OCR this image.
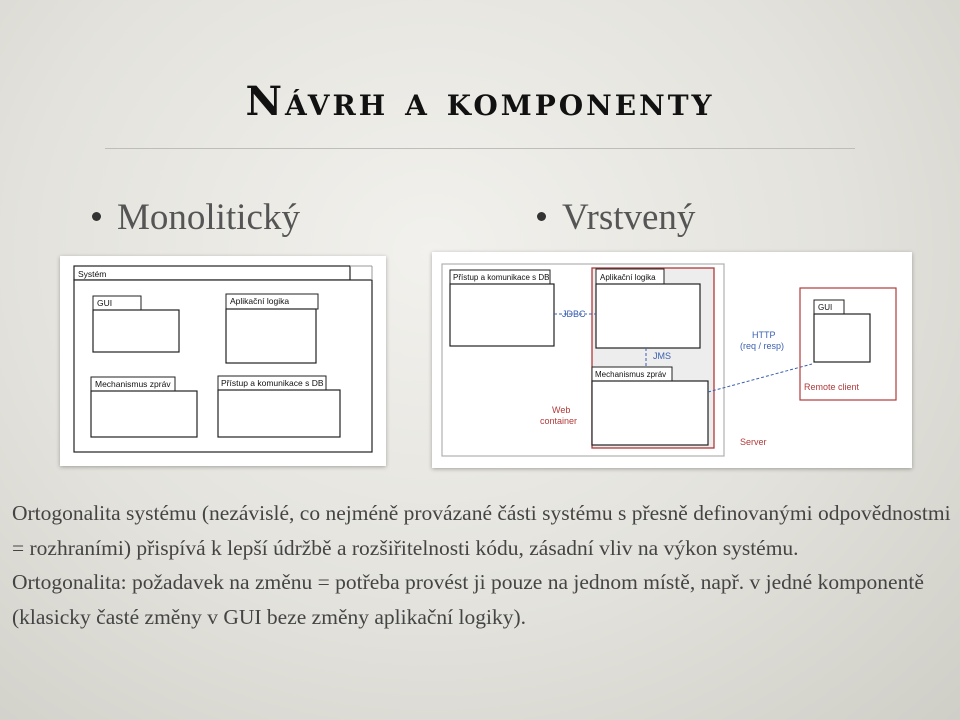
Návrh a komponenty
Monolitický	Vrstvený
Systém
GUI	Aplikační logika
Mechanismus zpráv	Přístup a komunikace s DB
Přístup a komunikace s DB	Aplikační logika
JDBC
JMS
Mechanismus zpráv
Web
container
Server
HTTP
(req / resp)
GUI
Remote client

Ortogonalita systému (nezávislé, co nejméně provázané části systému s přesně definovanými odpovědnostmi = rozhraními) přispívá k lepší údržbě a rozšiřitelnosti kódu, zásadní vliv na výkon systému.

Ortogonalita: požadavek na změnu = potřeba provést ji pouze na jednom místě, např. v jedné komponentě (klasicky časté změny v GUI beze změny aplikační logiky).
